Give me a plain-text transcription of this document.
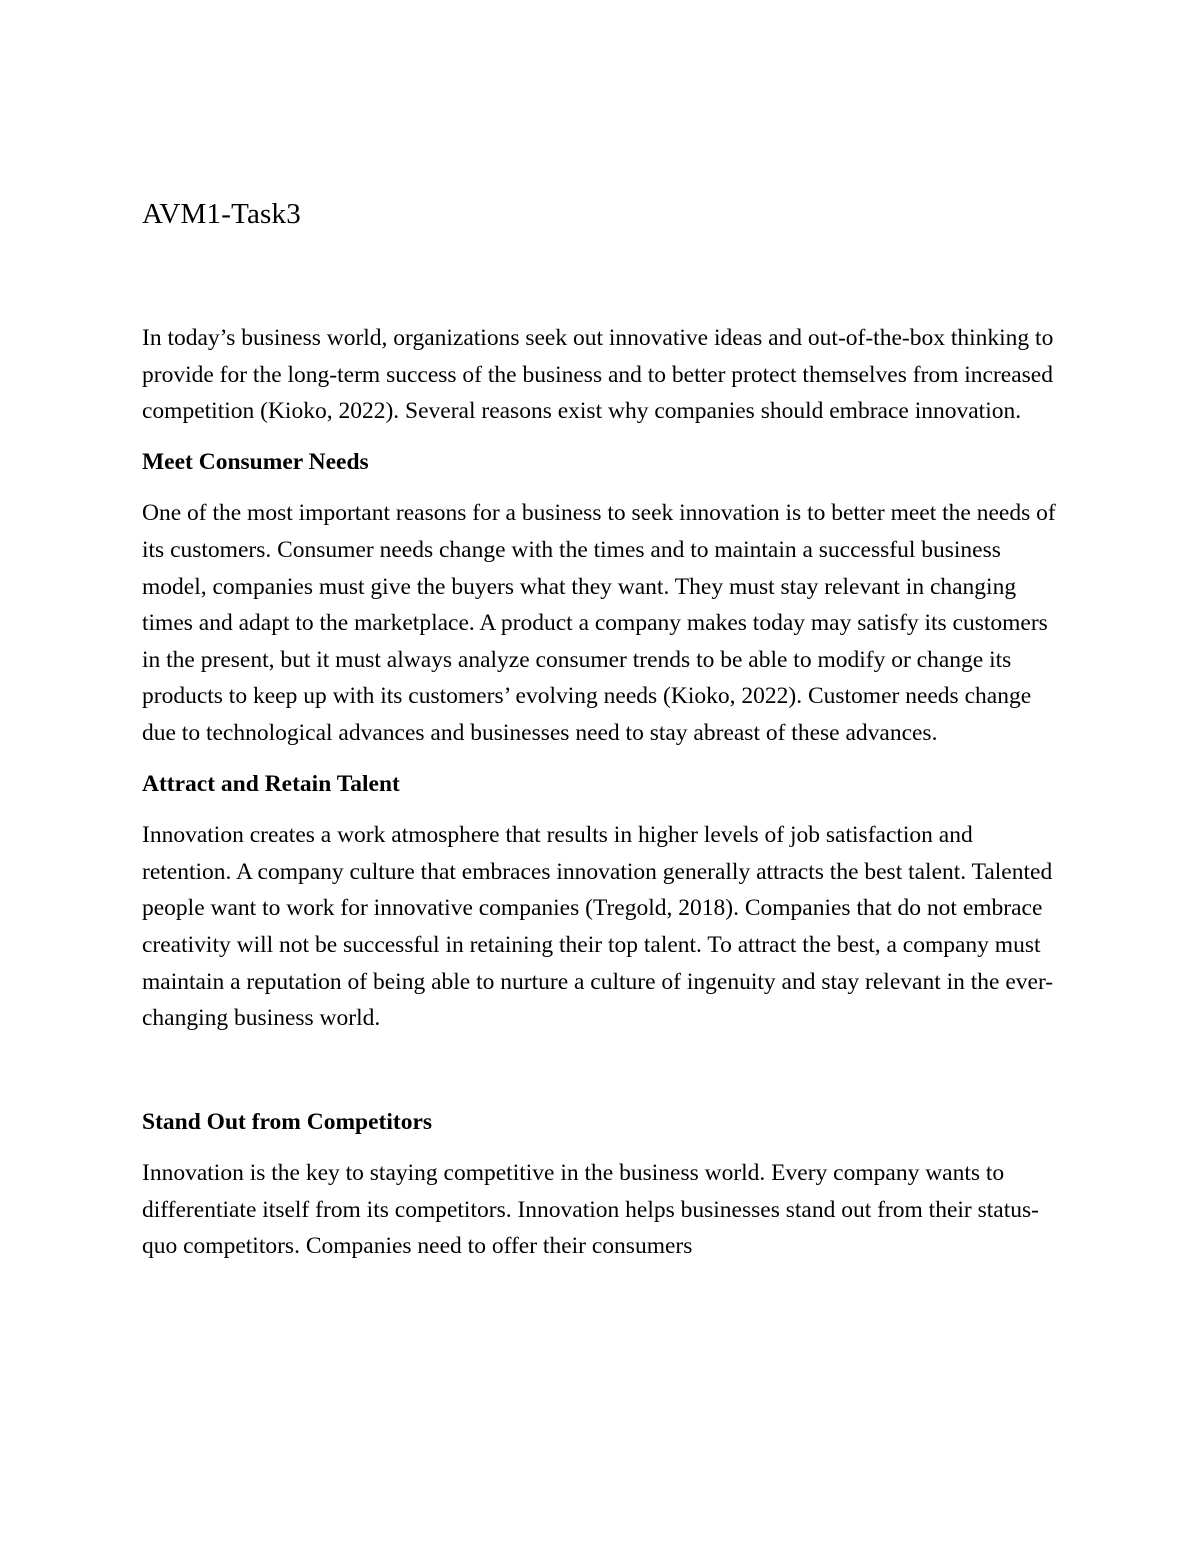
AVM1-Task3

In today’s business world, organizations seek out innovative ideas and out-of-the-box thinking to provide for the long-term success of the business and to better protect themselves from increased competition (Kioko, 2022). Several reasons exist why companies should embrace innovation.

Meet Consumer Needs

One of the most important reasons for a business to seek innovation is to better meet the needs of its customers. Consumer needs change with the times and to maintain a successful business model, companies must give the buyers what they want. They must stay relevant in changing times and adapt to the marketplace. A product a company makes today may satisfy its customers in the present, but it must always analyze consumer trends to be able to modify or change its products to keep up with its customers’ evolving needs (Kioko, 2022). Customer needs change due to technological advances and businesses need to stay abreast of these advances.

Attract and Retain Talent

Innovation creates a work atmosphere that results in higher levels of job satisfaction and retention. A company culture that embraces innovation generally attracts the best talent. Talented people want to work for innovative companies (Tregold, 2018). Companies that do not embrace creativity will not be successful in retaining their top talent. To attract the best, a company must maintain a reputation of being able to nurture a culture of ingenuity and stay relevant in the ever-changing business world.

Stand Out from Competitors

Innovation is the key to staying competitive in the business world. Every company wants to differentiate itself from its competitors. Innovation helps businesses stand out from their status-quo competitors. Companies need to offer their consumers
